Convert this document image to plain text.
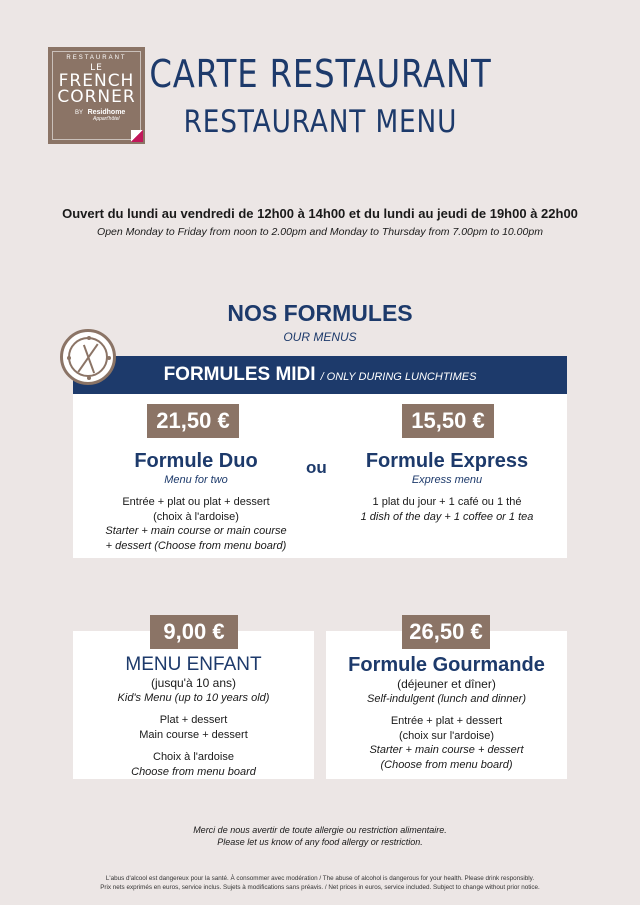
RESTAURANT
LE
FRENCH
CORNER
BY Residhome
Appart'hôtel
CARTE RESTAURANT
RESTAURANT MENU
Ouvert du lundi au vendredi de 12h00 à 14h00 et du lundi au jeudi de 19h00 à 22h00
Open Monday to Friday from noon to 2.00pm and Monday to Thursday from 7.00pm to 10.00pm
NOS FORMULES
OUR MENUS
FORMULES MIDI / ONLY DURING LUNCHTIMES
21,50 €	15,50 €
Formule Duo
Menu for two
Entrée + plat ou plat + dessert
(choix à l'ardoise)
Starter + main course or main course
+ dessert (Choose from menu board)
ou	Formule Express
Express menu
1 plat du jour + 1 café ou 1 thé
1 dish of the day + 1 coffee or 1 tea
9,00 €
MENU ENFANT
(jusqu'à 10 ans)
Kid's Menu (up to 10 years old)
Plat + dessert
Main course + dessert
Choix à l'ardoise
Choose from menu board
26,50 €
Formule Gourmande
(déjeuner et dîner)
Self-indulgent (lunch and dinner)
Entrée + plat + dessert
(choix sur l'ardoise)
Starter + main course + dessert
(Choose from menu board)
Merci de nous avertir de toute allergie ou restriction alimentaire.
Please let us know of any food allergy or restriction.
L'abus d'alcool est dangereux pour la santé. À consommer avec modération / The abuse of alcohol is dangerous for your health. Please drink responsibly.
Prix nets exprimés en euros, service inclus. Sujets à modifications sans préavis. / Net prices in euros, service included. Subject to change without prior notice.
